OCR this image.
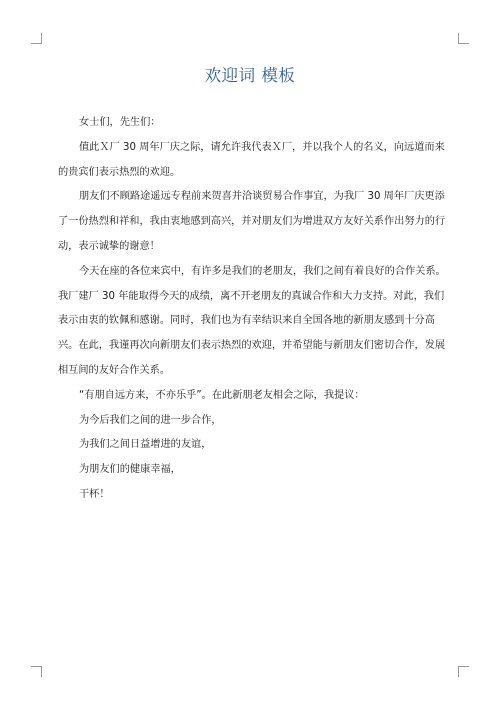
欢迎词 模板

女士们，先生们：

值此Ｘ厂 30 周年厂庆之际，请允许我代表Ｘ厂，并以我个人的名义，向远道而来的贵宾们表示热烈的欢迎。

朋友们不顾路途遥远专程前来贺喜并洽谈贸易合作事宜，为我厂 30 周年厂庆更添了一份热烈和祥和，我由衷地感到高兴，并对朋友们为增进双方友好关系作出努力的行动，表示诚挚的谢意！

今天在座的各位来宾中，有许多是我们的老朋友，我们之间有着良好的合作关系。我厂建厂 30 年能取得今天的成绩，离不开老朋友的真诚合作和大力支持。对此，我们表示由衷的钦佩和感谢。同时，我们也为有幸结识来自全国各地的新朋友感到十分高兴。在此，我谨再次向新朋友们表示热烈的欢迎，并希望能与新朋友们密切合作，发展相互间的友好合作关系。

“有朋自远方来，不亦乐乎”。在此新朋老友相会之际，我提议：

为今后我们之间的进一步合作，

为我们之间日益增进的友谊，

为朋友们的健康幸福，

干杯！
